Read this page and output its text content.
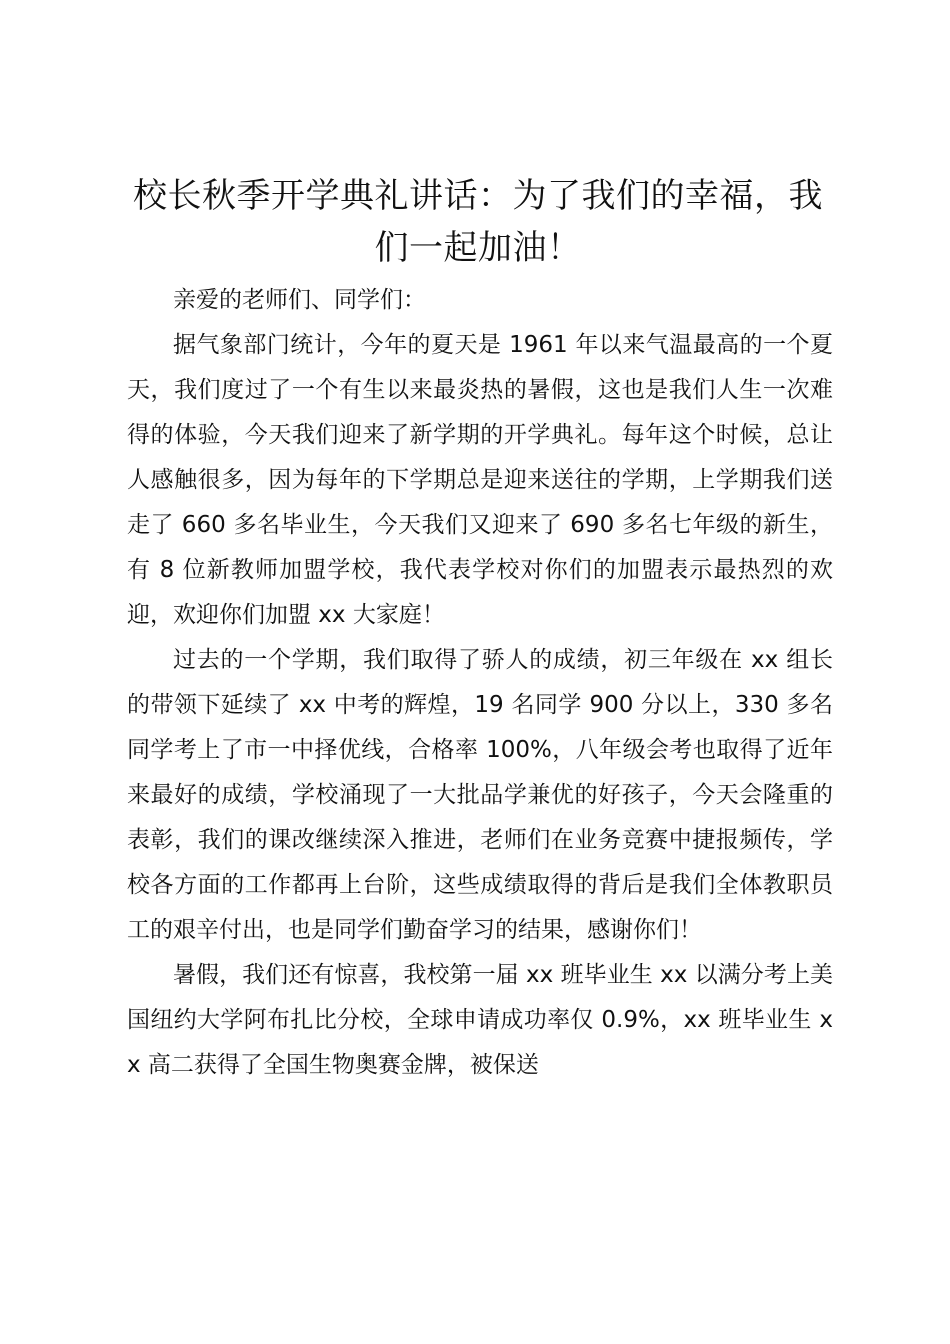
校长秋季开学典礼讲话：为了我们的幸福，我们一起加油！

亲爱的老师们、同学们：

据气象部门统计，今年的夏天是 1961 年以来气温最高的一个夏天，我们度过了一个有生以来最炎热的暑假，这也是我们人生一次难得的体验，今天我们迎来了新学期的开学典礼。每年这个时候，总让人感触很多，因为每年的下学期总是迎来送往的学期，上学期我们送走了 660 多名毕业生，今天我们又迎来了 690 多名七年级的新生，有 8 位新教师加盟学校，我代表学校对你们的加盟表示最热烈的欢迎，欢迎你们加盟 xx 大家庭！

过去的一个学期，我们取得了骄人的成绩，初三年级在 xx 组长的带领下延续了 xx 中考的辉煌，19 名同学 900 分以上，330 多名同学考上了市一中择优线，合格率 100%，八年级会考也取得了近年来最好的成绩，学校涌现了一大批品学兼优的好孩子，今天会隆重的表彰，我们的课改继续深入推进，老师们在业务竞赛中捷报频传，学校各方面的工作都再上台阶，这些成绩取得的背后是我们全体教职员工的艰辛付出，也是同学们勤奋学习的结果，感谢你们！

暑假，我们还有惊喜，我校第一届 xx 班毕业生 xx 以满分考上美国纽约大学阿布扎比分校，全球申请成功率仅 0.9%，xx 班毕业生 xx 高二获得了全国生物奥赛金牌，被保送
